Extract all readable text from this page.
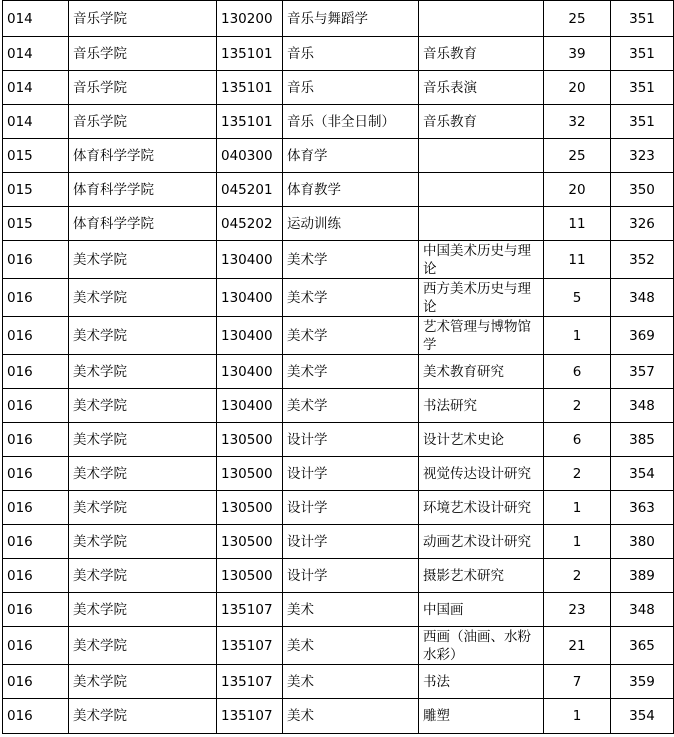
014	音乐学院	130200	音乐与舞蹈学		25	351
014	音乐学院	135101	音乐	音乐教育	39	351
014	音乐学院	135101	音乐	音乐表演	20	351
014	音乐学院	135101	音乐（非全日制）	音乐教育	32	351
015	体育科学学院	040300	体育学		25	323
015	体育科学学院	045201	体育教学		20	350
015	体育科学学院	045202	运动训练		11	326
016	美术学院	130400	美术学	中国美术历史与理论	11	352
016	美术学院	130400	美术学	西方美术历史与理论	5	348
016	美术学院	130400	美术学	艺术管理与博物馆学	1	369
016	美术学院	130400	美术学	美术教育研究	6	357
016	美术学院	130400	美术学	书法研究	2	348
016	美术学院	130500	设计学	设计艺术史论	6	385
016	美术学院	130500	设计学	视觉传达设计研究	2	354
016	美术学院	130500	设计学	环境艺术设计研究	1	363
016	美术学院	130500	设计学	动画艺术设计研究	1	380
016	美术学院	130500	设计学	摄影艺术研究	2	389
016	美术学院	135107	美术	中国画	23	348
016	美术学院	135107	美术	西画（油画、水粉水彩）	21	365
016	美术学院	135107	美术	书法	7	359
016	美术学院	135107	美术	雕塑	1	354
